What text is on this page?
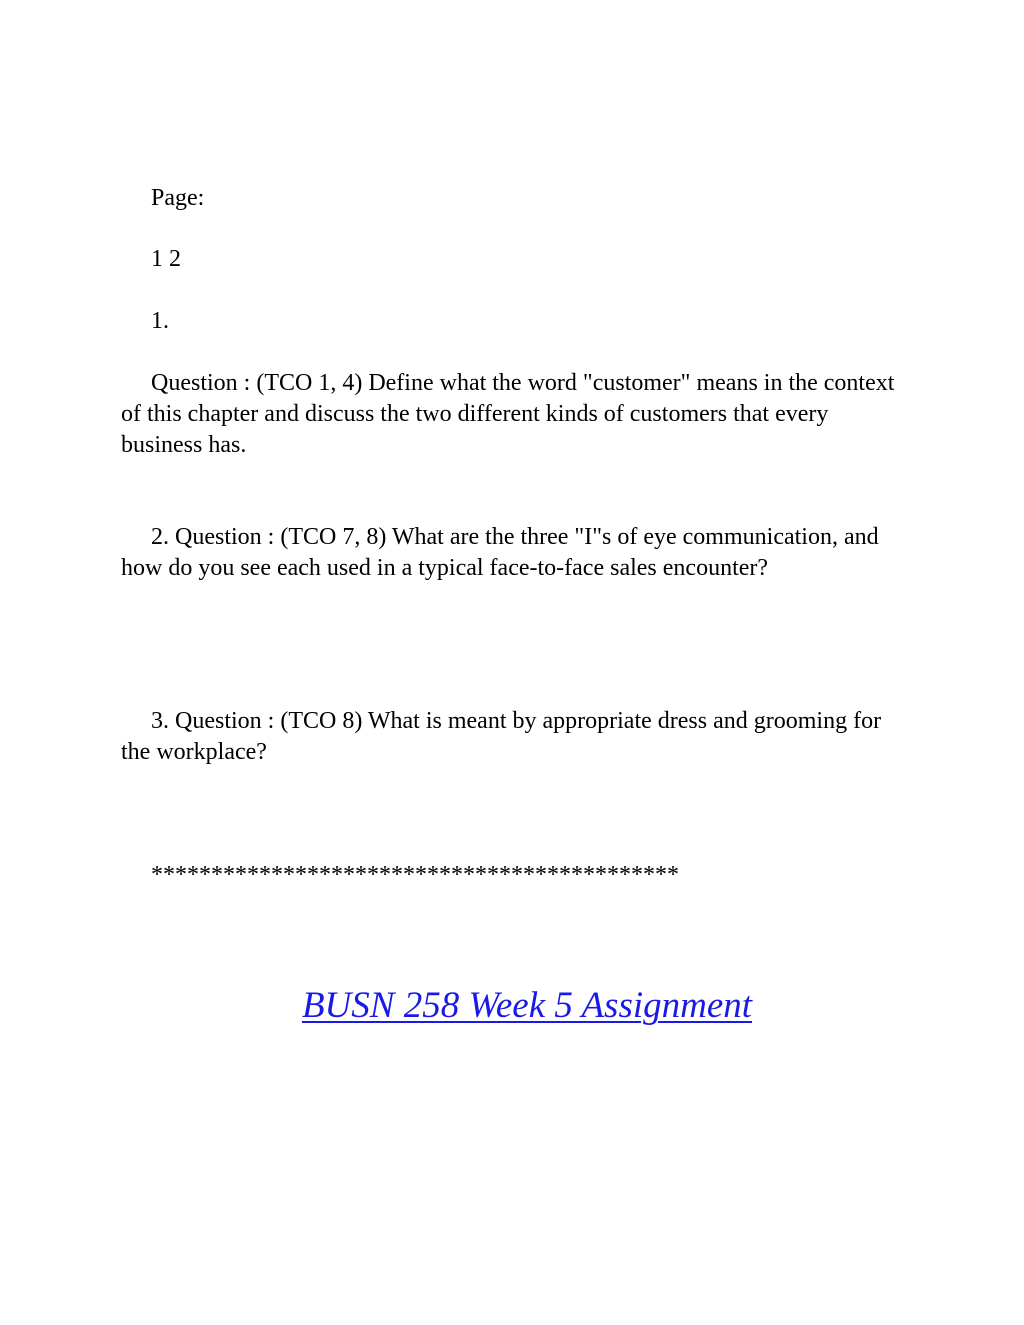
Page:

1 2

1.

Question : (TCO 1, 4) Define what the word "customer" means in the context of this chapter and discuss the two different kinds of customers that every business has.

2. Question : (TCO 7, 8) What are the three "I"s of eye communication, and how do you see each used in a typical face-to-face sales encounter?

3. Question : (TCO 8) What is meant by appropriate dress and grooming for the workplace?

********************************************

BUSN 258 Week 5 Assignment
